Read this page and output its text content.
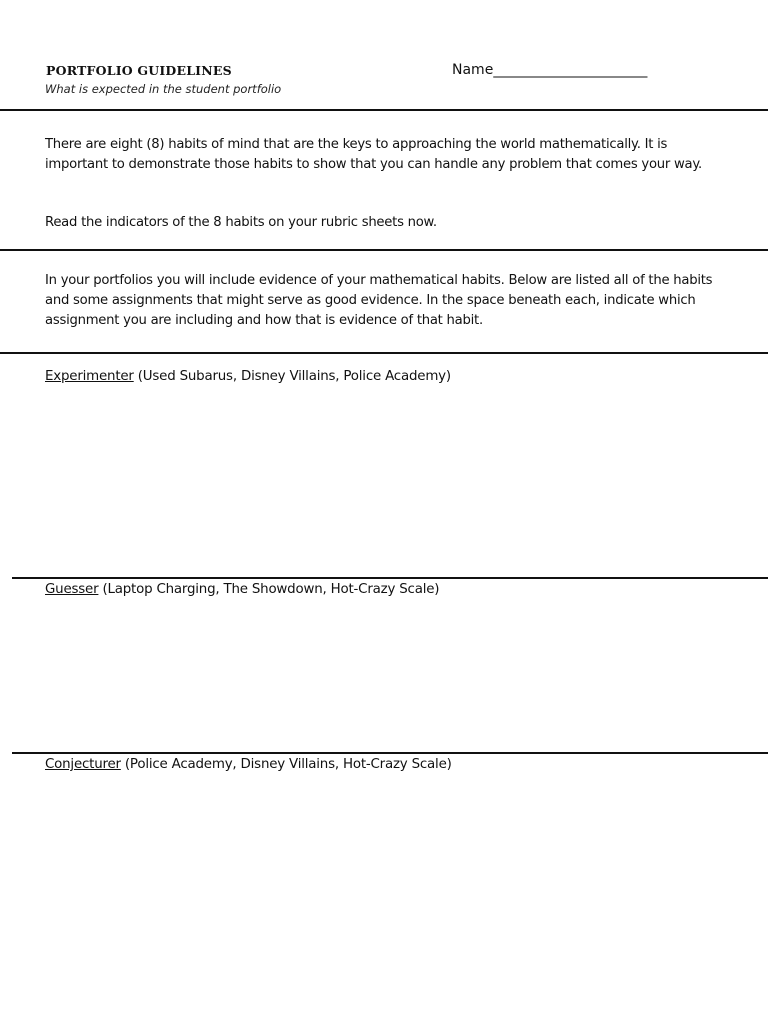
PORTFOLIO GUIDELINES
What is expected in the student portfolio
Name______________________
There are eight (8) habits of mind that are the keys to approaching the world mathematically. It is important to demonstrate those habits to show that you can handle any problem that comes your way.
Read the indicators of the 8 habits on your rubric sheets now.
In your portfolios you will include evidence of your mathematical habits. Below are listed all of the habits and some assignments that might serve as good evidence. In the space beneath each, indicate which assignment you are including and how that is evidence of that habit.
Experimenter (Used Subarus, Disney Villains, Police Academy)
Guesser (Laptop Charging, The Showdown, Hot-Crazy Scale)
Conjecturer (Police Academy, Disney Villains, Hot-Crazy Scale)
